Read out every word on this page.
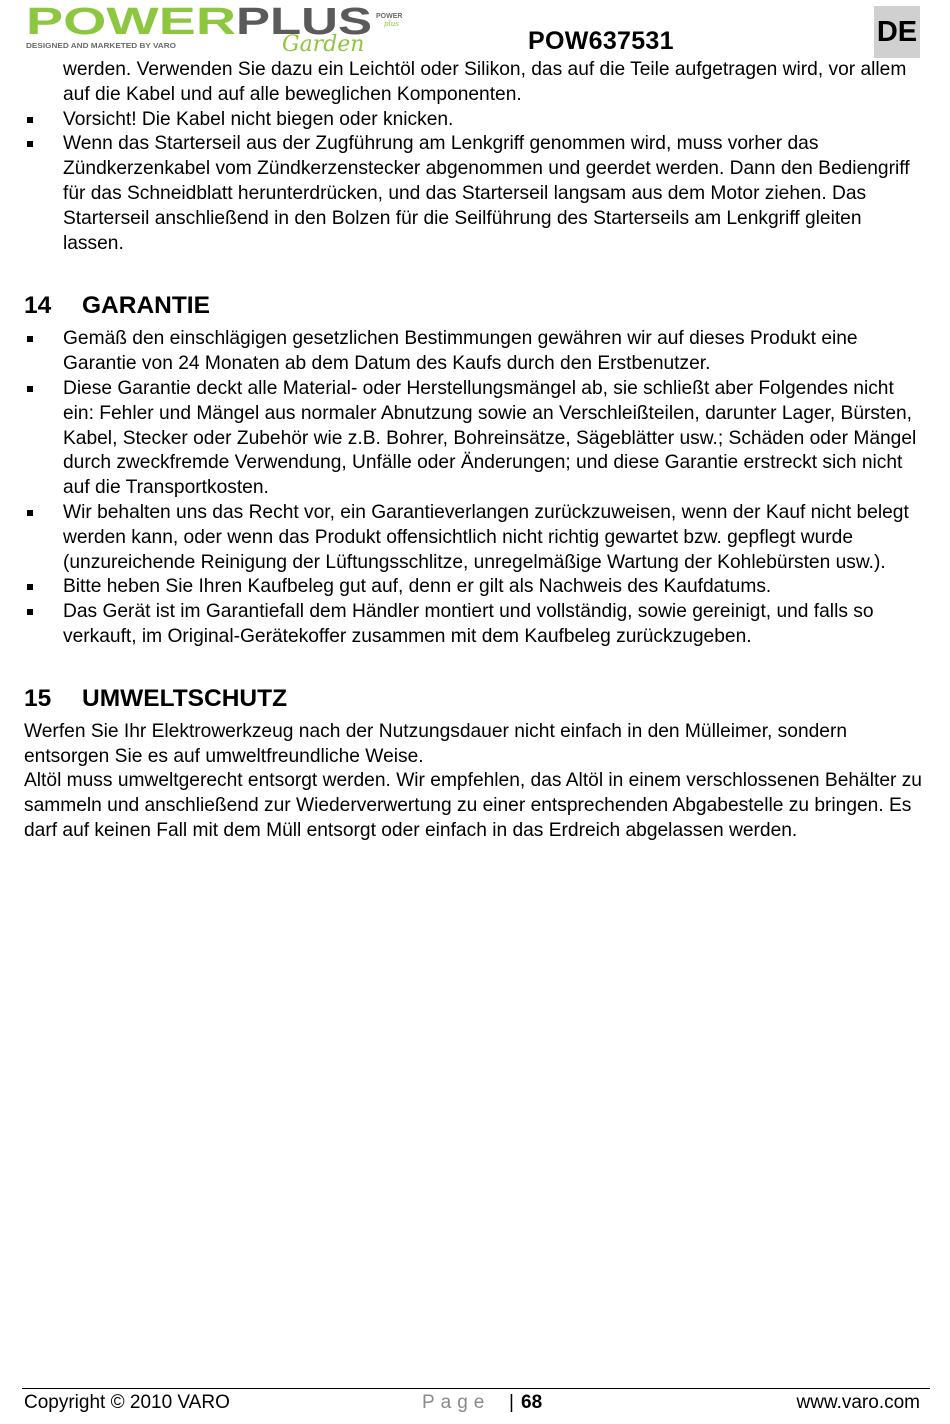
POWER PLUS
DESIGNED AND MARKETED BY VARO	Garden
POWER
plus
POW637531	DE
werden. Verwenden Sie dazu ein Leichtöl oder Silikon, das auf die Teile aufgetragen wird, vor allem auf die Kabel und auf alle beweglichen Komponenten.
Vorsicht! Die Kabel nicht biegen oder knicken.
Wenn das Starterseil aus der Zugführung am Lenkgriff genommen wird, muss vorher das Zündkerzenkabel vom Zündkerzenstecker abgenommen und geerdet werden. Dann den Bediengriff für das Schneidblatt herunterdrücken, und das Starterseil langsam aus dem Motor ziehen. Das Starterseil anschließend in den Bolzen für die Seilführung des Starterseils am Lenkgriff gleiten lassen.
14 GARANTIE
Gemäß den einschlägigen gesetzlichen Bestimmungen gewähren wir auf dieses Produkt eine Garantie von 24 Monaten ab dem Datum des Kaufs durch den Erstbenutzer.
Diese Garantie deckt alle Material- oder Herstellungsmängel ab, sie schließt aber Folgendes nicht ein: Fehler und Mängel aus normaler Abnutzung sowie an Verschleißteilen, darunter Lager, Bürsten, Kabel, Stecker oder Zubehör wie z.B. Bohrer, Bohreinsätze, Sägeblätter usw.; Schäden oder Mängel durch zweckfremde Verwendung, Unfälle oder Änderungen; und diese Garantie erstreckt sich nicht auf die Transportkosten.
Wir behalten uns das Recht vor, ein Garantieverlangen zurückzuweisen, wenn der Kauf nicht belegt werden kann, oder wenn das Produkt offensichtlich nicht richtig gewartet bzw. gepflegt wurde (unzureichende Reinigung der Lüftungsschlitze, unregelmäßige Wartung der Kohlebürsten usw.).
Bitte heben Sie Ihren Kaufbeleg gut auf, denn er gilt als Nachweis des Kaufdatums.
Das Gerät ist im Garantiefall dem Händler montiert und vollständig, sowie gereinigt, und falls so verkauft, im Original-Gerätekoffer zusammen mit dem Kaufbeleg zurückzugeben.
15 UMWELTSCHUTZ
Werfen Sie Ihr Elektrowerkzeug nach der Nutzungsdauer nicht einfach in den Mülleimer, sondern entsorgen Sie es auf umweltfreundliche Weise.
Altöl muss umweltgerecht entsorgt werden. Wir empfehlen, das Altöl in einem verschlossenen Behälter zu sammeln und anschließend zur Wiederverwertung zu einer entsprechenden Abgabestelle zu bringen. Es darf auf keinen Fall mit dem Müll entsorgt oder einfach in das Erdreich abgelassen werden.
Copyright © 2010 VARO	Page | 68	www.varo.com
